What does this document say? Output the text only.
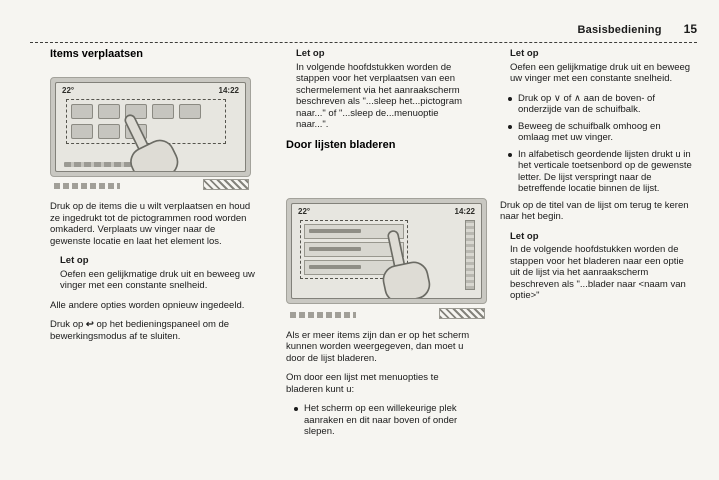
Basisbediening 15
Items verplaatsen
22°	14:22

Druk op de items die u wilt verplaatsen en houd ze ingedrukt tot de pictogrammen rood worden omkaderd. Verplaats uw vinger naar de gewenste locatie en laat het element los.

Let op

Oefen een gelijkmatige druk uit en beweeg uw vinger met een constante snelheid.

Alle andere opties worden opnieuw ingedeeld.

Druk op ↩ op het bedieningspaneel om de bewerkingsmodus af te sluiten.

Let op

In volgende hoofdstukken worden de stappen voor het verplaatsen van een schermelement via het aanraakscherm beschreven als "...sleep het...pictogram naar..." of "...sleep de...menuoptie naar...".

Door lijsten bladeren
22°	14:22

Als er meer items zijn dan er op het scherm kunnen worden weergegeven, dan moet u door de lijst bladeren.

Om door een lijst met menuopties te bladeren kunt u:

Het scherm op een willekeurige plek aanraken en dit naar boven of onder slepen.
Let op

Oefen een gelijkmatige druk uit en beweeg uw vinger met een constante snelheid.

Druk op ∨ of ∧ aan de boven- of onderzijde van de schuifbalk.
Beweeg de schuifbalk omhoog en omlaag met uw vinger.
In alfabetisch geordende lijsten drukt u in het verticale toetsenbord op de gewenste letter. De lijst verspringt naar de betreffende locatie binnen de lijst.

Druk op de titel van de lijst om terug te keren naar het begin.

Let op

In de volgende hoofdstukken worden de stappen voor het bladeren naar een optie uit de lijst via het aanraakscherm beschreven als "...blader naar <naam van optie>"
